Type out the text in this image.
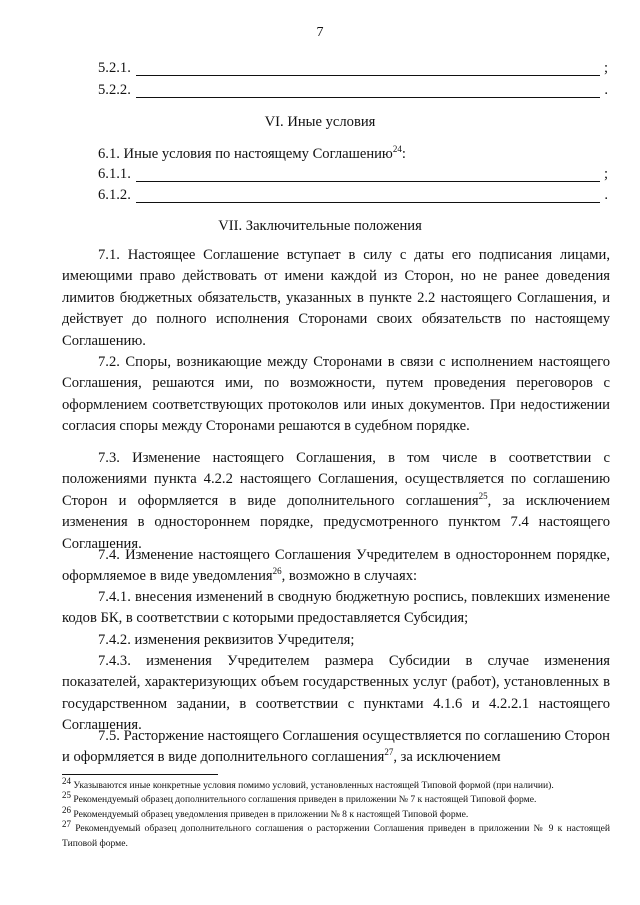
7
5.2.1.	;
5.2.2.	.
VI. Иные условия
6.1. Иные условия по настоящему Соглашению$^{24}$:
6.1.1.	;
6.1.2.	.
VII. Заключительные положения

7.1. Настоящее Соглашение вступает в силу с даты его подписания лицами, имеющими право действовать от имени каждой из Сторон, но не ранее доведения лимитов бюджетных обязательств, указанных в пункте 2.2 настоящего Соглашения, и действует до полного исполнения Сторонами своих обязательств по настоящему Соглашению.

7.2. Споры, возникающие между Сторонами в связи с исполнением настоящего Соглашения, решаются ими, по возможности, путем проведения переговоров с оформлением соответствующих протоколов или иных документов. При недостижении согласия споры между Сторонами решаются в судебном порядке.

7.3. Изменение настоящего Соглашения, в том числе в соответствии с положениями пункта 4.2.2 настоящего Соглашения, осуществляется по соглашению Сторон и оформляется в виде дополнительного соглашения$^{25}$, за исключением изменения в одностороннем порядке, предусмотренного пунктом 7.4 настоящего Соглашения.

7.4. Изменение настоящего Соглашения Учредителем в одностороннем порядке, оформляемое в виде уведомления$^{26}$, возможно в случаях:

7.4.1. внесения изменений в сводную бюджетную роспись, повлекших изменение кодов БК, в соответствии с которыми предоставляется Субсидия;

7.4.2. изменения реквизитов Учредителя;

7.4.3. изменения Учредителем размера Субсидии в случае изменения показателей, характеризующих объем государственных услуг (работ), установленных в государственном задании, в соответствии с пунктами 4.1.6 и 4.2.2.1 настоящего Соглашения.

7.5. Расторжение настоящего Соглашения осуществляется по соглашению Сторон и оформляется в виде дополнительного соглашения$^{27}$, за исключением

$^{24}$ Указываются иные конкретные условия помимо условий, установленных настоящей Типовой формой (при наличии).

$^{25}$ Рекомендуемый образец дополнительного соглашения приведен в приложении № 7 к настоящей Типовой форме.

$^{26}$ Рекомендуемый образец уведомления приведен в приложении № 8 к настоящей Типовой форме.

$^{27}$ Рекомендуемый образец дополнительного соглашения о расторжении Соглашения приведен в приложении № 9 к настоящей Типовой форме.
